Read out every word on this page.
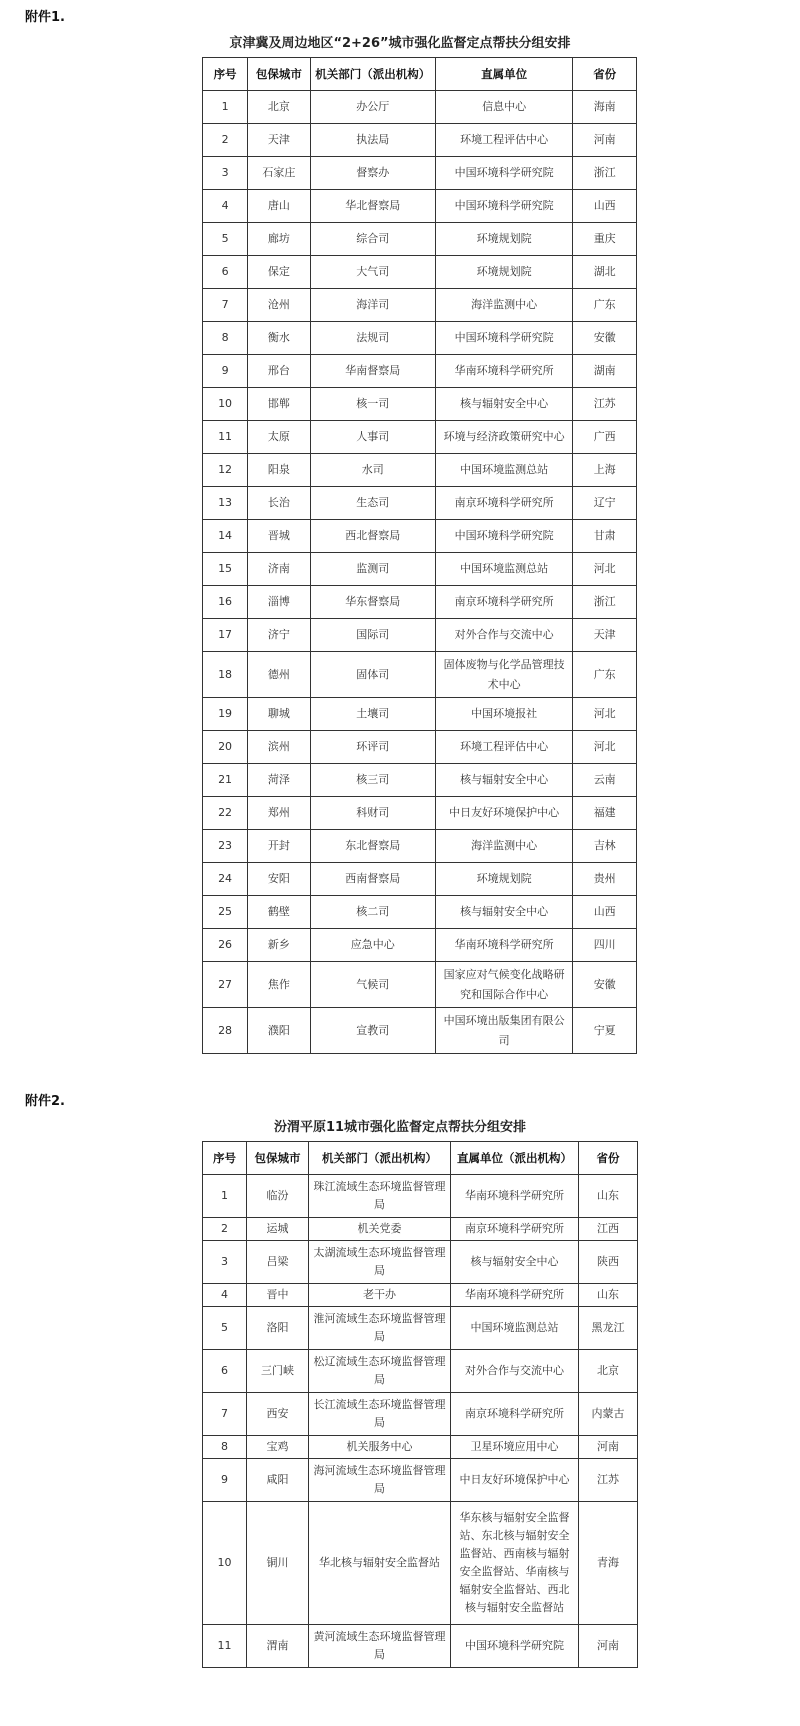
附件1.
京津冀及周边地区“2+26”城市强化监督定点帮扶分组安排
序号	包保城市	机关部门（派出机构）	直属单位	省份
1	北京	办公厅	信息中心	海南
2	天津	执法局	环境工程评估中心	河南
3	石家庄	督察办	中国环境科学研究院	浙江
4	唐山	华北督察局	中国环境科学研究院	山西
5	廊坊	综合司	环境规划院	重庆
6	保定	大气司	环境规划院	湖北
7	沧州	海洋司	海洋监测中心	广东
8	衡水	法规司	中国环境科学研究院	安徽
9	邢台	华南督察局	华南环境科学研究所	湖南
10	邯郸	核一司	核与辐射安全中心	江苏
11	太原	人事司	环境与经济政策研究中心	广西
12	阳泉	水司	中国环境监测总站	上海
13	长治	生态司	南京环境科学研究所	辽宁
14	晋城	西北督察局	中国环境科学研究院	甘肃
15	济南	监测司	中国环境监测总站	河北
16	淄博	华东督察局	南京环境科学研究所	浙江
17	济宁	国际司	对外合作与交流中心	天津
18	德州	固体司	固体废物与化学品管理技术中心	广东
19	聊城	土壤司	中国环境报社	河北
20	滨州	环评司	环境工程评估中心	河北
21	菏泽	核三司	核与辐射安全中心	云南
22	郑州	科财司	中日友好环境保护中心	福建
23	开封	东北督察局	海洋监测中心	吉林
24	安阳	西南督察局	环境规划院	贵州
25	鹤壁	核二司	核与辐射安全中心	山西
26	新乡	应急中心	华南环境科学研究所	四川
27	焦作	气候司	国家应对气候变化战略研究和国际合作中心	安徽
28	濮阳	宣教司	中国环境出版集团有限公司	宁夏
附件2.
汾渭平原11城市强化监督定点帮扶分组安排
序号	包保城市	机关部门（派出机构）	直属单位（派出机构）	省份
1	临汾	珠江流域生态环境监督管理局	华南环境科学研究所	山东
2	运城	机关党委	南京环境科学研究所	江西
3	吕梁	太湖流域生态环境监督管理局	核与辐射安全中心	陕西
4	晋中	老干办	华南环境科学研究所	山东
5	洛阳	淮河流域生态环境监督管理局	中国环境监测总站	黑龙江
6	三门峡	松辽流域生态环境监督管理局	对外合作与交流中心	北京
7	西安	长江流域生态环境监督管理局	南京环境科学研究所	内蒙古
8	宝鸡	机关服务中心	卫星环境应用中心	河南
9	咸阳	海河流域生态环境监督管理局	中日友好环境保护中心	江苏
10	铜川	华北核与辐射安全监督站	华东核与辐射安全监督站、东北核与辐射安全监督站、西南核与辐射安全监督站、华南核与辐射安全监督站、西北核与辐射安全监督站	青海
11	渭南	黄河流域生态环境监督管理局	中国环境科学研究院	河南
